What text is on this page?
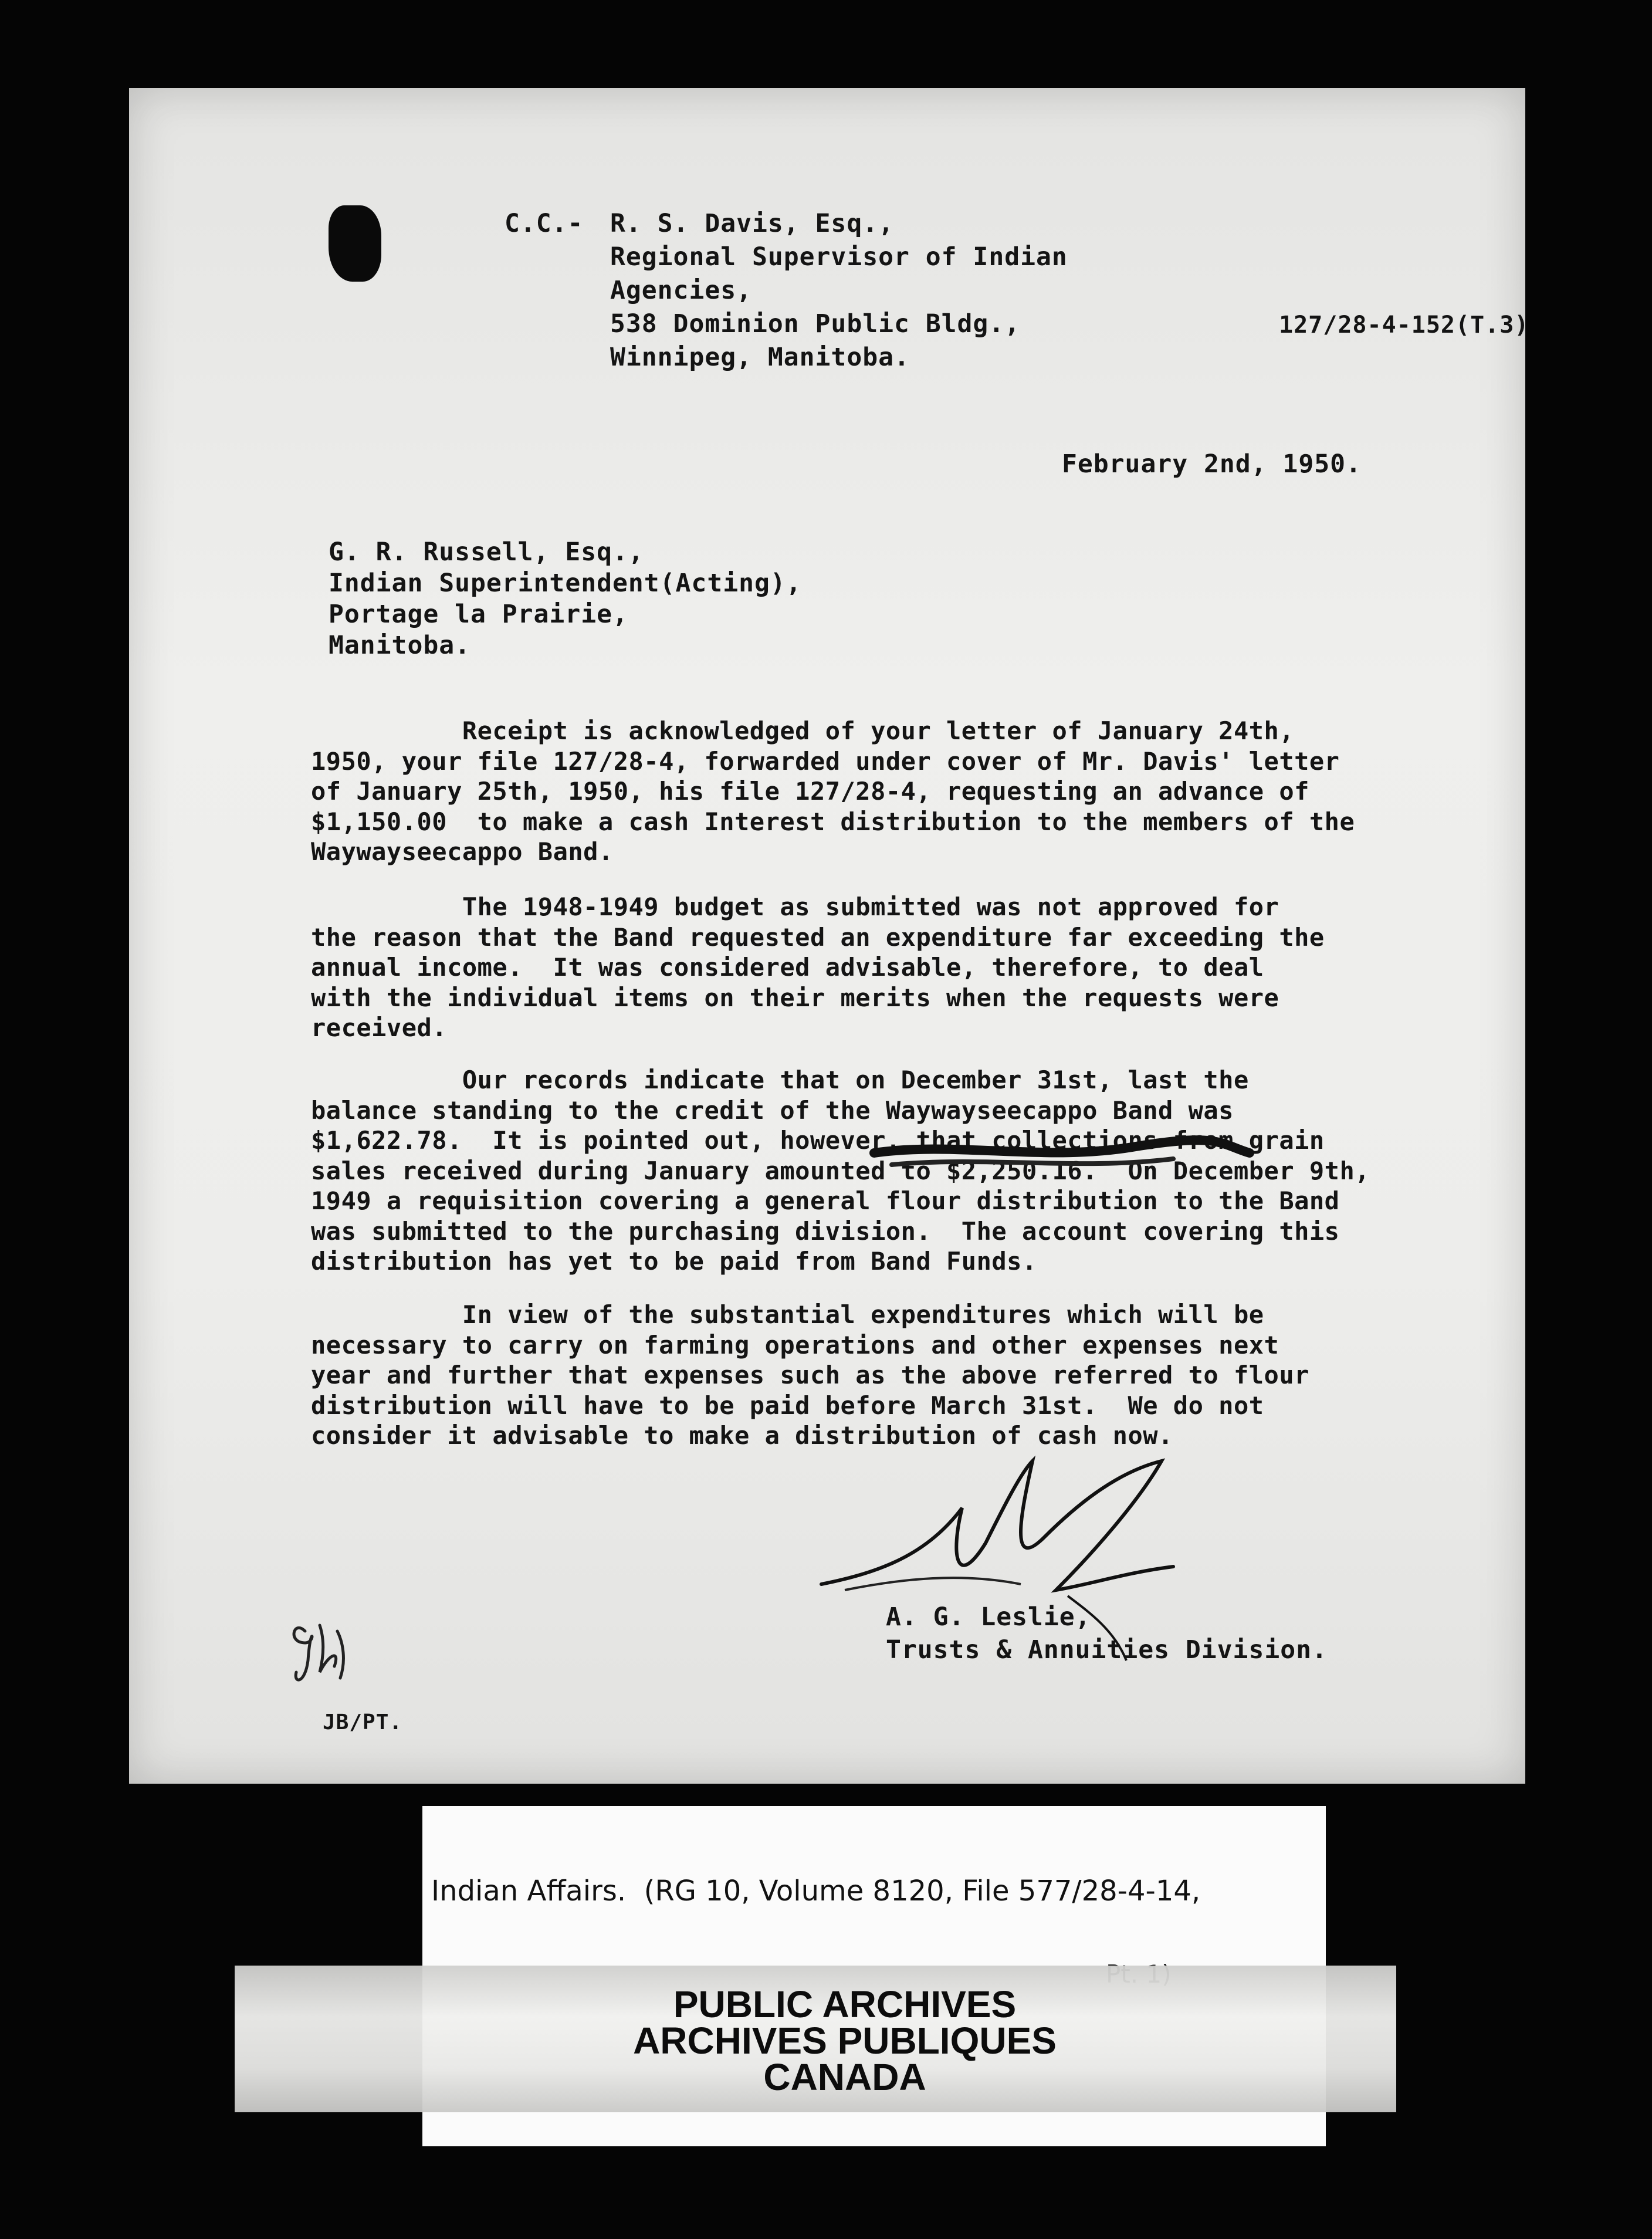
C.C.- R. S. Davis, Esq.,
Regional Supervisor of Indian
Agencies,
538 Dominion Public Bldg.,
Winnipeg, Manitoba.
127/28-4-152(T.3)
February 2nd, 1950.
G. R. Russell, Esq.,
Indian Superintendent(Acting),
Portage la Prairie,
Manitoba.
Receipt is acknowledged of your letter of January 24th,
1950, your file 127/28-4, forwarded under cover of Mr. Davis' letter
of January 25th, 1950, his file 127/28-4, requesting an advance of
$1,150.00  to make a cash Interest distribution to the members of the
Waywayseecappo Band.
The 1948-1949 budget as submitted was not approved for
the reason that the Band requested an expenditure far exceeding the
annual income.  It was considered advisable, therefore, to deal
with the individual items on their merits when the requests were
received.
Our records indicate that on December 31st, last the
balance standing to the credit of the Waywayseecappo Band was
$1,622.78.  It is pointed out, however, that collections from grain
sales received during January amounted to $2,250.16.  On December 9th,
1949 a requisition covering a general flour distribution to the Band
was submitted to the purchasing division.  The account covering this
distribution has yet to be paid from Band Funds.
In view of the substantial expenditures which will be
necessary to carry on farming operations and other expenses next
year and further that expenses such as the above referred to flour
distribution will have to be paid before March 31st.  We do not
consider it advisable to make a distribution of cash now.
A. G. Leslie,
Trusts & Annuities Division.
JB/PT.
Indian Affairs.  (RG 10, Volume 8120, File 577/28-4-14,
PUBLIC ARCHIVES
ARCHIVES PUBLIQUES
CANADA
